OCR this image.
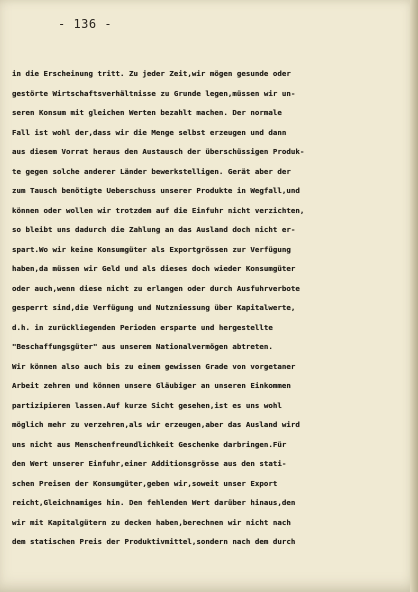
- 136 -
in die Erscheinung tritt. Zu jeder Zeit,wir mögen gesunde oder
gestörte Wirtschaftsverhältnisse zu Grunde legen,müssen wir un-
seren Konsum mit gleichen Werten bezahlt machen. Der normale
Fall ist wohl der,dass wir die Menge selbst erzeugen und dann
aus diesem Vorrat heraus den Austausch der überschüssigen Produk-
te gegen solche anderer Länder bewerkstelligen. Gerät aber der
zum Tausch benötigte Ueberschuss unserer Produkte in Wegfall,und
können oder wollen wir trotzdem auf die Einfuhr nicht verzichten,
so bleibt uns dadurch die Zahlung an das Ausland doch nicht er-
spart.Wo wir keine Konsumgüter als Exportgrössen zur Verfügung
haben,da müssen wir Geld und als dieses doch wieder Konsumgüter
oder auch,wenn diese nicht zu erlangen oder durch Ausfuhrverbote
gesperrt sind,die Verfügung und Nutzniessung über Kapitalwerte,
d.h. in zurückliegenden Perioden ersparte und hergestellte
"Beschaffungsgüter" aus unserem Nationalvermögen abtreten.
Wir können also auch bis zu einem gewissen Grade von vorgetaner
Arbeit zehren und können unsere Gläubiger an unseren Einkommen
partizipieren lassen.Auf kurze Sicht gesehen,ist es uns wohl
möglich mehr zu verzehren,als wir erzeugen,aber das Ausland wird
uns nicht aus Menschenfreundlichkeit Geschenke darbringen.Für
den Wert unserer Einfuhr,einer Additionsgrösse aus den stati-
schen Preisen der Konsumgüter,geben wir,soweit unser Export
reicht,Gleichnamiges hin. Den fehlenden Wert darüber hinaus,den
wir mit Kapitalgütern zu decken haben,berechnen wir nicht nach
dem statischen Preis der Produktivmittel,sondern nach dem durch
